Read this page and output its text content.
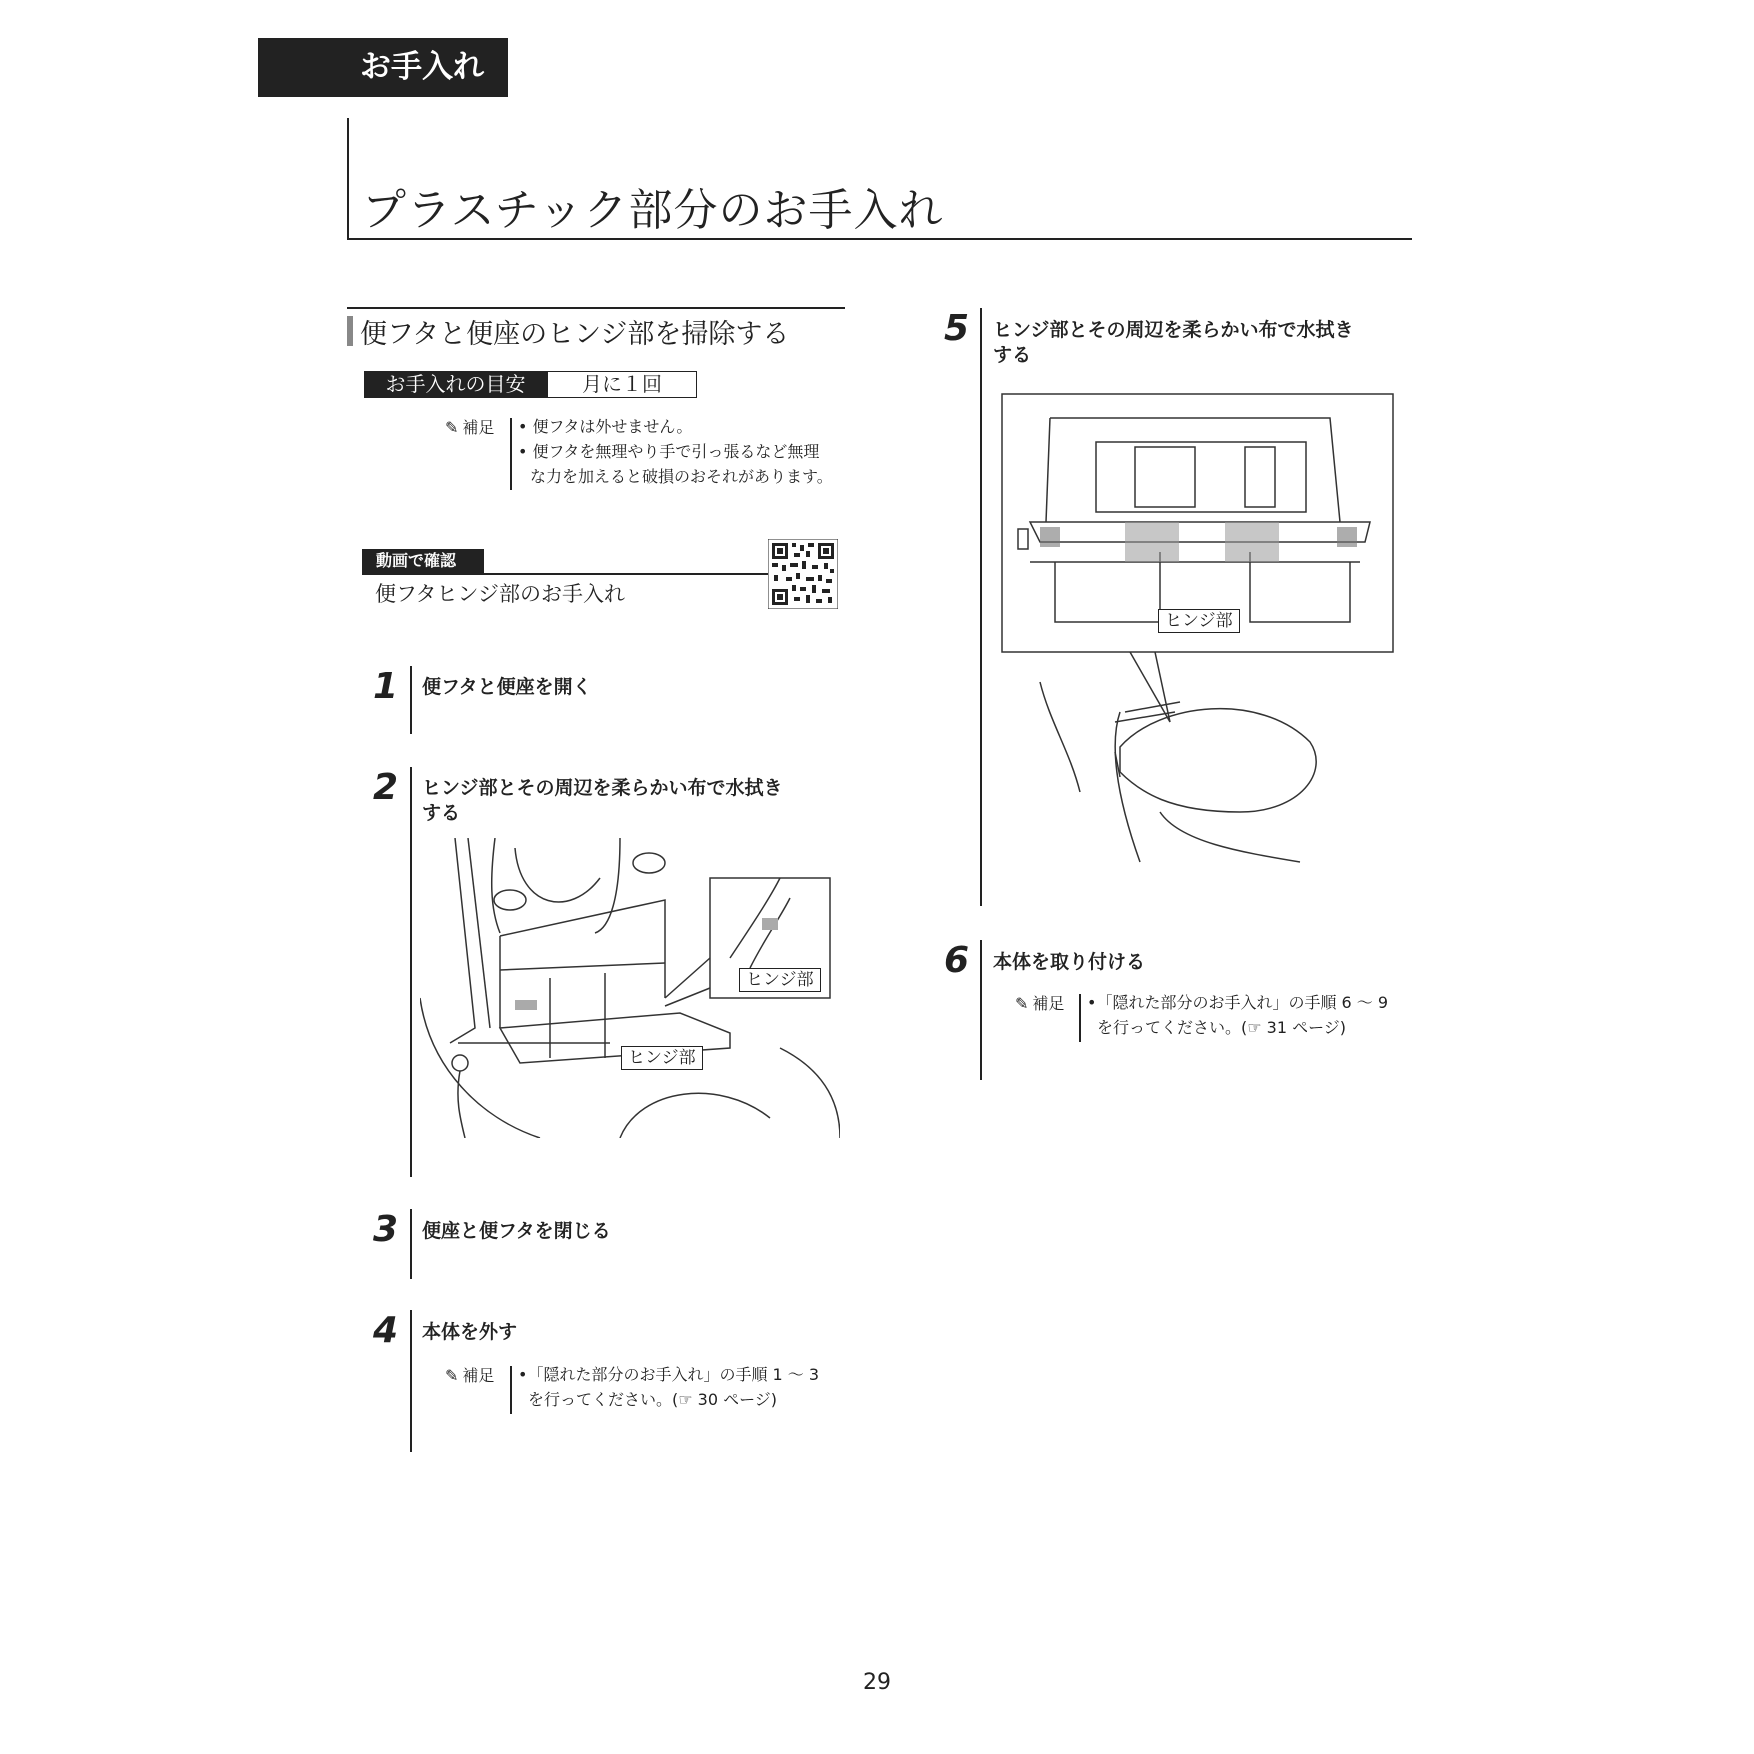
お手入れ
プラスチック部分のお手入れ
便フタと便座のヒンジ部を掃除する
お手入れの目安	月に１回
✎ 補足 • 便フタは外せません。
• 便フタを無理やり手で引っ張るなど無理
な力を加えると破損のおそれがあります。
動画で確認
便フタヒンジ部のお手入れ
1 便フタと便座を開く
2 ヒンジ部とその周辺を柔らかい布で水拭き
する
ヒンジ部
ヒンジ部
3 便座と便フタを閉じる
4 本体を外す
✎ 補足 •「隠れた部分のお手入れ」の手順 1 ～ 3
を行ってください。(☞ 30 ページ)
5 ヒンジ部とその周辺を柔らかい布で水拭き
する
ヒンジ部
6 本体を取り付ける
✎ 補足 •「隠れた部分のお手入れ」の手順 6 ～ 9
を行ってください。(☞ 31 ページ)
29
